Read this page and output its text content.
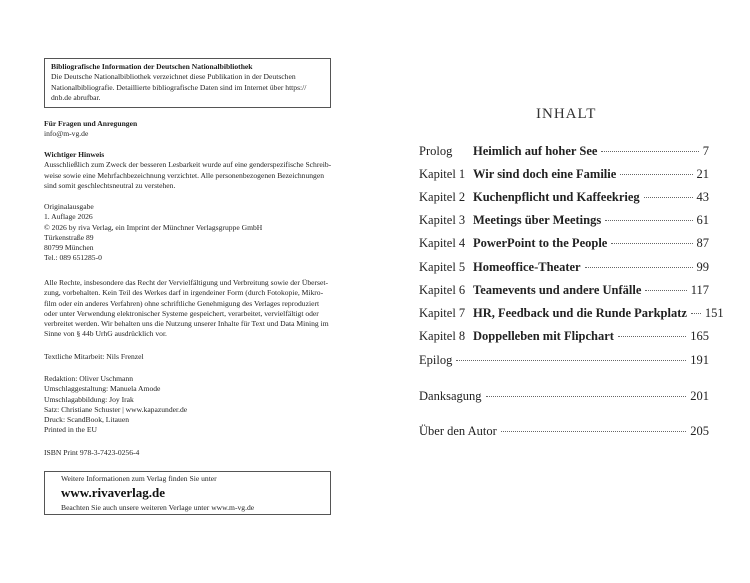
Bibliografische Information der Deutschen Nationalbibliothek
Die Deutsche Nationalbibliothek verzeichnet diese Publikation in der Deutschen
Nationalbibliografie. Detaillierte bibliografische Daten sind im Internet über https://
dnb.de abrufbar.

Für Fragen und Anregungen

info@m-vg.de

Wichtiger Hinweis

Ausschließlich zum Zweck der besseren Lesbarkeit wurde auf eine genderspezifische Schreib-

weise sowie eine Mehrfachbezeichnung verzichtet. Alle personenbezogenen Bezeichnungen

sind somit geschlechtsneutral zu verstehen.

Originalausgabe

1. Auflage 2026

© 2026 by riva Verlag, ein Imprint der Münchner Verlagsgruppe GmbH

Türkenstraße 89

80799 München

Tel.: 089 651285-0

Alle Rechte, insbesondere das Recht der Vervielfältigung und Verbreitung sowie der Überset-

zung, vorbehalten. Kein Teil des Werkes darf in irgendeiner Form (durch Fotokopie, Mikro-

film oder ein anderes Verfahren) ohne schriftliche Genehmigung des Verlages reproduziert

oder unter Verwendung elektronischer Systeme gespeichert, verarbeitet, vervielfältigt oder

verbreitet werden. Wir behalten uns die Nutzung unserer Inhalte für Text und Data Mining im

Sinne von § 44b UrhG ausdrücklich vor.

Textliche Mitarbeit: Nils Frenzel

Redaktion: Oliver Uschmann

Umschlaggestaltung: Manuela Amode

Umschlagabbildung: Joy Irak

Satz: Christiane Schuster | www.kapazunder.de

Druck: ScandBook, Litauen

Printed in the EU

ISBN Print 978-3-7423-0256-4

Weitere Informationen zum Verlag finden Sie unter
www.rivaverlag.de
Beachten Sie auch unsere weiteren Verlage unter www.m-vg.de
INHALT
Prolog	Heimlich auf hoher See	7
Kapitel 1 Wir sind doch eine Familie	21
Kapitel 2 Kuchenpflicht und Kaffeekrieg	43
Kapitel 3 Meetings über Meetings	61
Kapitel 4 PowerPoint to the People	87
Kapitel 5 Homeoffice-Theater	99
Kapitel 6 Teamevents und andere Unfälle	117
Kapitel 7 HR, Feedback und die Runde Parkplatz 151
Kapitel 8 Doppelleben mit Flipchart	165
Epilog	191
Danksagung	201
Über den Autor	205
